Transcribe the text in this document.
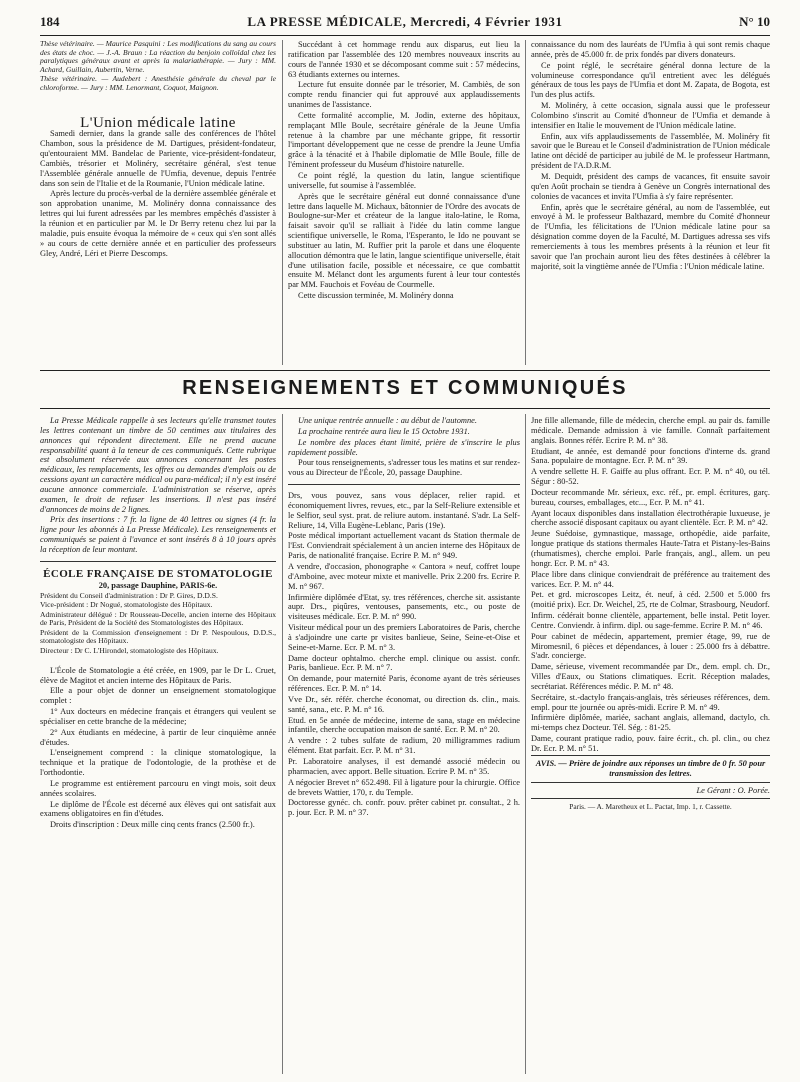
184	LA PRESSE MÉDICALE, Mercredi, 4 Février 1931	N° 10

Thèse vétérinaire. — Maurice Pasquini : Les modifications du sang au cours des états de choc. — J.-A. Braun : La réaction du benjoin colloïdal chez les paralytiques généraux avant et après la malariathérapie. — Jury : MM. Achard, Guillain, Aubertin, Verne.

Thèse vétérinaire. — Audebert : Anesthésie générale du cheval par le chloroforme. — Jury : MM. Lenormant, Coquot, Maignon.

L'Union médicale latine

Samedi dernier, dans la grande salle des conférences de l'hôtel Chambon, sous la présidence de M. Dartigues, président-fondateur, qu'entouraient MM. Bandelac de Pariente, vice-président-fondateur, Cambiès, trésorier et Molinéry, secrétaire général, s'est tenue l'Assemblée générale annuelle de l'Umfia, devenue, depuis l'entrée dans son sein de l'Italie et de la Roumanie, l'Union médicale latine.

Après lecture du procès-verbal de la dernière assemblée générale et son approbation unanime, M. Molinéry donna connaissance des lettres qui lui furent adressées par les membres empêchés d'assister à la réunion et en particulier par M. le Dr Berry retenu chez lui par la maladie, puis ensuite évoqua la mémoire de « ceux qui s'en sont allés » au cours de cette dernière année et en particulier des professeurs Gley, André, Léri et Pierre Descomps.

Succédant à cet hommage rendu aux disparus, eut lieu la ratification par l'assemblée des 120 membres nouveaux inscrits au cours de l'année 1930 et se décomposant comme suit : 57 médecins, 63 étudiants externes ou internes.

Lecture fut ensuite donnée par le trésorier, M. Cambiès, de son compte rendu financier qui fut approuvé aux applaudissements unanimes de l'assistance.

Cette formalité accomplie, M. Jodin, externe des hôpitaux, remplaçant Mlle Boule, secrétaire générale de la Jeune Umfia retenue à la chambre par une méchante grippe, fit ressortir l'important développement que ne cesse de prendre la Jeune Umfia grâce à la ténacité et à l'habile diplomatie de Mlle Boule, fille de l'éminent professeur du Muséum d'histoire naturelle.

Ce point réglé, la question du latin, langue scientifique universelle, fut soumise à l'assemblée.

Après que le secrétaire général eut donné connaissance d'une lettre dans laquelle M. Michaux, bâtonnier de l'Ordre des avocats de Boulogne-sur-Mer et créateur de la langue italo-latine, le Roma, faisait savoir qu'il se ralliait à l'idée du latin comme langue scientifique universelle, le Roma, l'Esperanto, le Ido ne pouvant se substituer au latin, M. Ruffier prit la parole et dans une éloquente allocution démontra que le latin, langue scientifique universelle, était d'une utilisation facile, possible et nécessaire, ce que combattit ensuite M. Mélanct dont les arguments furent à leur tour contestés par MM. Fauchois et Fovéau de Courmelle.

Cette discussion terminée, M. Molinéry donna

connaissance du nom des lauréats de l'Umfia à qui sont remis chaque année, près de 45.000 fr. de prix fondés par divers donateurs.

Ce point réglé, le secrétaire général donna lecture de la volumineuse correspondance qu'il entretient avec les délégués généraux de tous les pays de l'Umfia et dont M. Zapata, de Bogota, est l'un des plus actifs.

M. Molinéry, à cette occasion, signala aussi que le professeur Colombino s'inscrit au Comité d'honneur de l'Umfia et demande à intensifier en Italie le mouvement de l'Union médicale latine.

Enfin, aux vifs applaudissements de l'assemblée, M. Molinéry fit savoir que le Bureau et le Conseil d'administration de l'Union médicale latine ont décidé de participer au jubilé de M. le professeur Hartmann, président de l'A.D.R.M.

M. Dequidt, président des camps de vacances, fit ensuite savoir qu'en Août prochain se tiendra à Genève un Congrès international des colonies de vacances et invita l'Umfia à s'y faire représenter.

Enfin, après que le secrétaire général, au nom de l'assemblée, eut envoyé à M. le professeur Balthazard, membre du Comité d'honneur de l'Umfia, les félicitations de l'Union médicale latine pour sa désignation comme doyen de la Faculté, M. Dartigues adressa ses vifs remerciements à tous les membres présents à la réunion et leur fit savoir que l'an prochain auront lieu des fêtes destinées à célébrer la majorité, soit la vingtième année de l'Umfia : l'Union médicale latine.

RENSEIGNEMENTS ET COMMUNIQUÉS

La Presse Médicale rappelle à ses lecteurs qu'elle transmet toutes les lettres contenant un timbre de 50 centimes aux titulaires des annonces qui répondent directement. Elle ne prend aucune responsabilité quant à la teneur de ces communiqués. Cette rubrique est absolument réservée aux annonces concernant les postes médicaux, les remplacements, les offres ou demandes d'emplois ou de cessions ayant un caractère médical ou para-médical; il n'y est inséré aucune annonce commerciale. L'administration se réserve, après examen, le droit de refuser les insertions. Il n'est pas inséré d'annonces de moins de 2 lignes.

Prix des insertions : 7 fr. la ligne de 40 lettres ou signes (4 fr. la ligne pour les abonnés à La Presse Médicale). Les renseignements et communiqués se paient à l'avance et sont insérés 8 à 10 jours après la réception de leur montant.

ÉCOLE FRANÇAISE DE STOMATOLOGIE

20, passage Dauphine, PARIS-6e.

Président du Conseil d'administration : Dr P. Gires, D.D.S.

Vice-président : Dr Nogué, stomatologiste des Hôpitaux.

Administrateur délégué : Dr Rousseau-Decelle, ancien interne des Hôpitaux de Paris, Président de la Société des Stomatologistes des Hôpitaux.

Président de la Commission d'enseignement : Dr P. Nespoulous, D.D.S., stomatologiste des Hôpitaux.

Directeur : Dr C. L'Hirondel, stomatologiste des Hôpitaux.

L'École de Stomatologie a été créée, en 1909, par le Dr L. Cruet, élève de Magitot et ancien interne des Hôpitaux de Paris.

Elle a pour objet de donner un enseignement stomatologique complet :

1° Aux docteurs en médecine français et étrangers qui veulent se spécialiser en cette branche de la médecine;

2° Aux étudiants en médecine, à partir de leur cinquième année d'études.

L'enseignement comprend : la clinique stomatologique, la technique et la pratique de l'odontologie, de la prothèse et de l'orthodontie.

Le programme est entièrement parcouru en vingt mois, soit deux années scolaires.

Le diplôme de l'École est décerné aux élèves qui ont satisfait aux examens obligatoires en fin d'études.

Droits d'inscription : Deux mille cinq cents francs (2.500 fr.).

Une unique rentrée annuelle : au début de l'automne.

La prochaine rentrée aura lieu le 15 Octobre 1931.

Le nombre des places étant limité, prière de s'inscrire le plus rapidement possible.

Pour tous renseignements, s'adresser tous les matins et sur rendez-vous au Directeur de l'École, 20, passage Dauphine.

Drs, vous pouvez, sans vous déplacer, relier rapid. et économiquement livres, revues, etc., par la Self-Reliure extensible et le Selfior, seul syst. prat. de reliure autom. instantané. S'adr. La Self-Reliure, 14, Villa Eugène-Leblanc, Paris (19e).

Poste médical important actuellement vacant ds Station thermale de l'Est. Conviendrait spécialement à un ancien interne des Hôpitaux de Paris, de nationalité française. Ecrire P. M. n° 949.

A vendre, d'occasion, phonographe « Cantora » neuf, coffret loupe d'Amboine, avec moteur mixte et manivelle. Prix 2.200 frs. Ecrire P. M. n° 967.

Infirmière diplômée d'Etat, sy. tres références, cherche sit. assistante aupr. Drs., piqûres, ventouses, pansements, etc., ou poste de visiteuses médicale. Ecr. P. M. n° 990.

Visiteur médical pour un des premiers Laboratoires de Paris, cherche à s'adjoindre une carte pr visites banlieue, Seine, Seine-et-Oise et Seine-et-Marne. Ecr. P. M. n° 3.

Dame docteur ophtalmo. cherche empl. clinique ou assist. confr. Paris, banlieue. Ecr. P. M. n° 7.

On demande, pour maternité Paris, économe ayant de très sérieuses références. Ecr. P. M. n° 14.

Vve Dr., sér. référ. cherche économat, ou direction ds. clin., mais. santé, sana., etc. P. M. n° 16.

Etud. en 5e année de médecine, interne de sana, stage en médecine infantile, cherche occupation maison de santé. Ecr. P. M. n° 20.

A vendre : 2 tubes sulfate de radium, 20 milligrammes radium élément. Etat parfait. Ecr. P. M. n° 31.

Pr. Laboratoire analyses, il est demandé associé médecin ou pharmacien, avec apport. Belle situation. Ecrire P. M. n° 35.

A négocier Brevet n° 652.498. Fil à ligature pour la chirurgie. Office de brevets Wattier, 170, r. du Temple.

Doctoresse gynéc. ch. confr. pouv. prêter cabinet pr. consultat., 2 h. p. jour. Ecr. P. M. n° 37.

Jne fille allemande, fille de médecin, cherche empl. au pair ds. famille médicale. Demande admission à vie famille. Connaît parfaitement anglais. Bonnes référ. Ecrire P. M. n° 38.

Etudiant, 4e année, est demandé pour fonctions d'interne ds. grand Sana. populaire de montagne. Ecr. P. M. n° 39.

A vendre sellette H. F. Gaiffe au plus offrant. Ecr. P. M. n° 40, ou tél. Ségur : 80-52.

Docteur recommande Mr. sérieux, exc. réf., pr. empl. écritures, garç. bureau, courses, emballages, etc..., Ecr. P. M. n° 41.

Ayant locaux disponibles dans installation électrothérapie luxueuse, je cherche associé disposant capitaux ou ayant clientèle. Ecr. P. M. n° 42.

Jeune Suédoise, gymnastique, massage, orthopédie, aide parfaite, longue pratique ds stations thermales Haute-Tatra et Pistany-les-Bains (rhumatismes), cherche emploi. Parle français, angl., allem. un peu hongr. Ecr. P. M. n° 43.

Place libre dans clinique conviendrait de préférence au traitement des varices. Ecr. P. M. n° 44.

Pet. et grd. microscopes Leitz, ét. neuf, à céd. 2.500 et 5.000 frs (moitié prix). Ecr. Dr. Weichel, 25, rte de Colmar, Strasbourg, Neudorf.

Infirm. cédérait bonne clientèle, appartement, belle instal. Petit loyer. Centre. Conviendr. à infirm. dipl. ou sage-femme. Ecrire P. M. n° 46.

Pour cabinet de médecin, appartement, premier étage, 99, rue de Miromesnil, 6 pièces et dépendances, à louer : 25.000 frs à débattre. S'adr. concierge.

Dame, sérieuse, vivement recommandée par Dr., dem. empl. ch. Dr., Villes d'Eaux, ou Stations climatiques. Ecrit. Réception malades, secrétariat. Références médic. P. M. n° 48.

Secrétaire, st.-dactylo français-anglais, très sérieuses références, dem. empl. pour tte journée ou après-midi. Ecrire P. M. n° 49.

Infirmière diplômée, mariée, sachant anglais, allemand, dactylo, ch. mi-temps chez Docteur. Tél. Ség. : 81-25.

Dame, courant pratique radio, pouv. faire écrit., ch. pl. clin., ou chez Dr. Ecr. P. M. n° 51.

AVIS. — Prière de joindre aux réponses un timbre de 0 fr. 50 pour transmission des lettres.

Le Gérant : O. Porée.

Paris. — A. Maretheux et L. Pactat, Imp. 1, r. Cassette.
